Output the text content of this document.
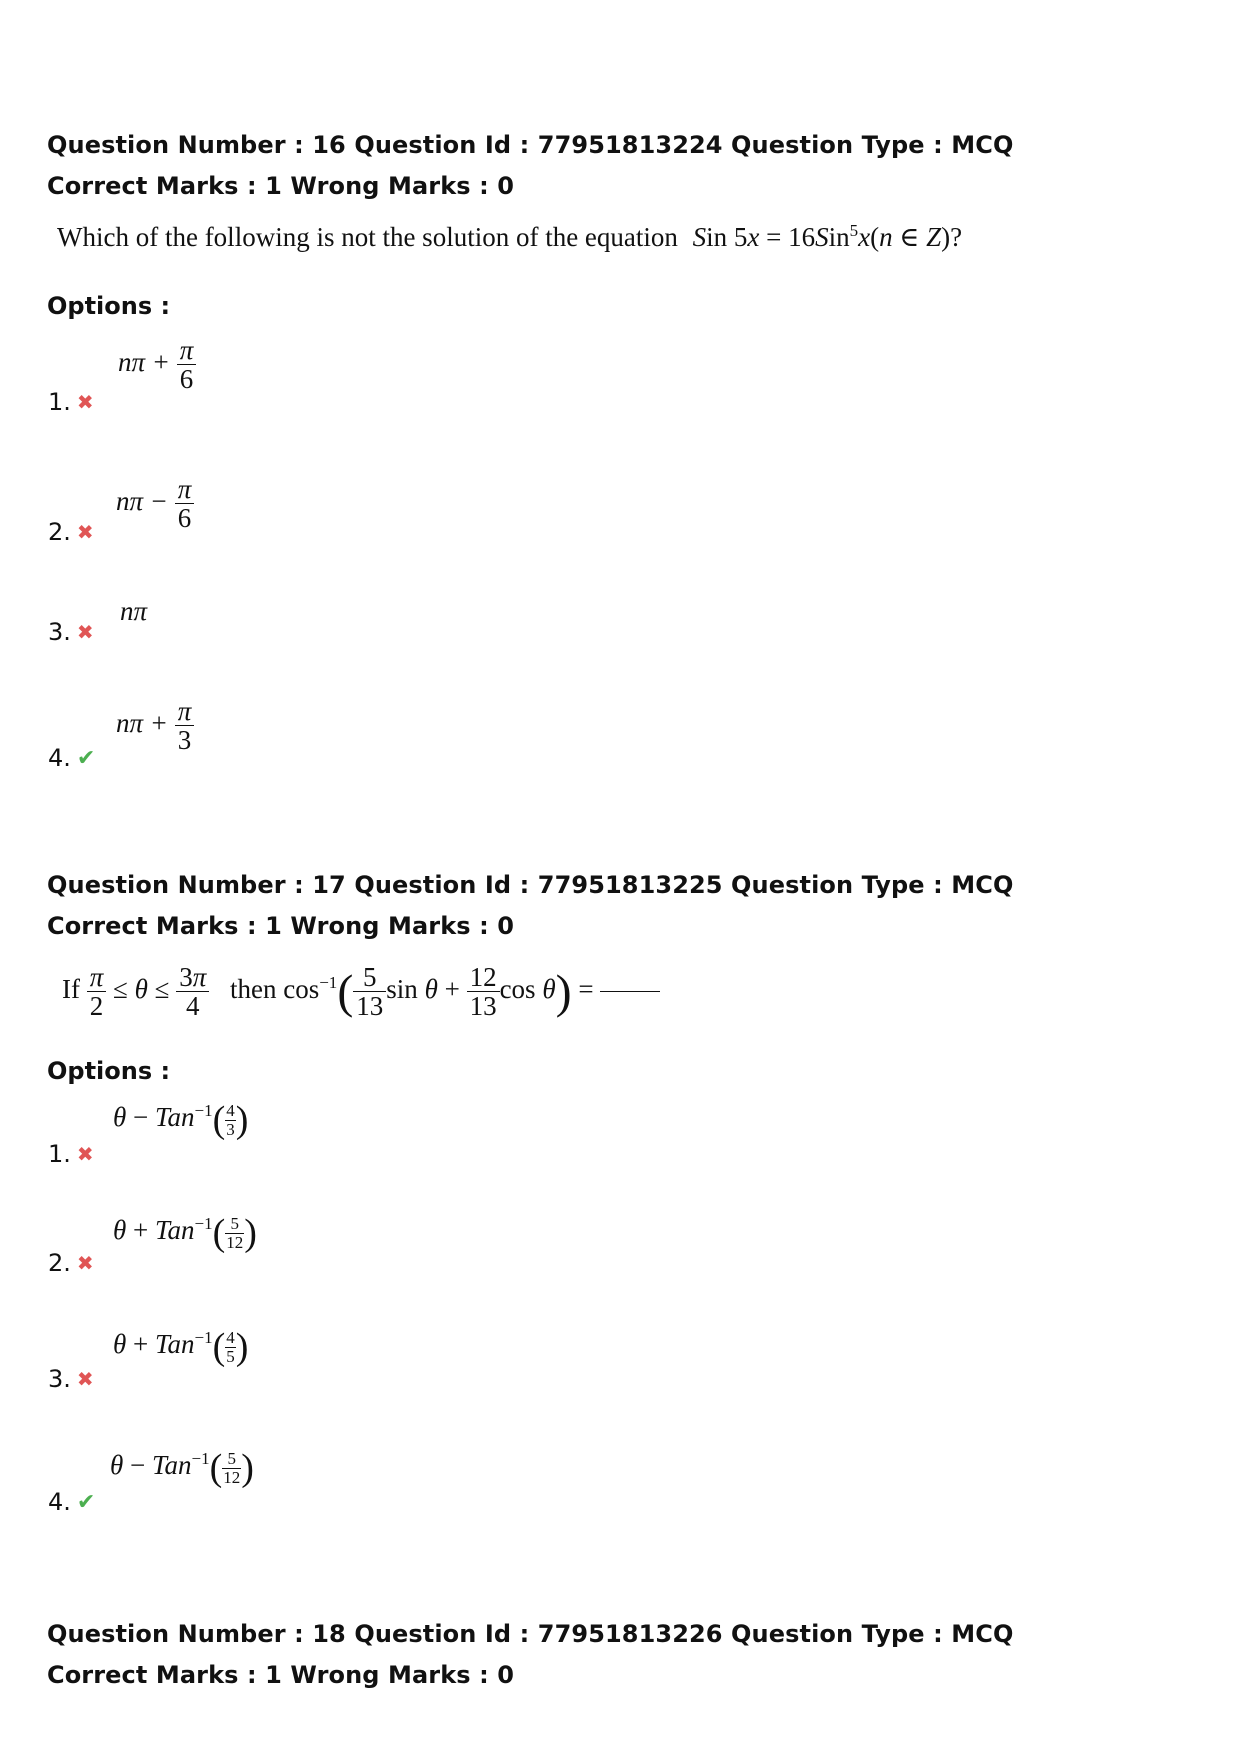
Question Number : 16 Question Id : 77951813224 Question Type : MCQ
Correct Marks : 1 Wrong Marks : 0
Which of the following is not the solution of the equation Sin 5x = 16Sin$^5$x(n ∈ Z)?
Options :
$n\pi + \frac{\pi}{6}$
1. ✖
$n\pi - \frac{\pi}{6}$
2. ✖
nπ
3. ✖
$n\pi + \frac{\pi}{3}$
4. ✔
Question Number : 17 Question Id : 77951813225 Question Type : MCQ
Correct Marks : 1 Wrong Marks : 0
If $\frac{\pi}{2} \le \theta \le \frac{3\pi}{4}$ then $\cos^{-1}( \frac{5}{13}$ $\sin \theta + \frac{12}{13}$ cos θ) =
Options :
$\theta - Tan^{-1}( \frac{4}{3}$ )
1. ✖
$\theta + Tan^{-1}( \frac{5}{12}$ )
2. ✖
$\theta + Tan^{-1}( \frac{4}{5}$ )
3. ✖
$\theta - Tan^{-1}( \frac{5}{12}$ )
4. ✔
Question Number : 18 Question Id : 77951813226 Question Type : MCQ
Correct Marks : 1 Wrong Marks : 0
